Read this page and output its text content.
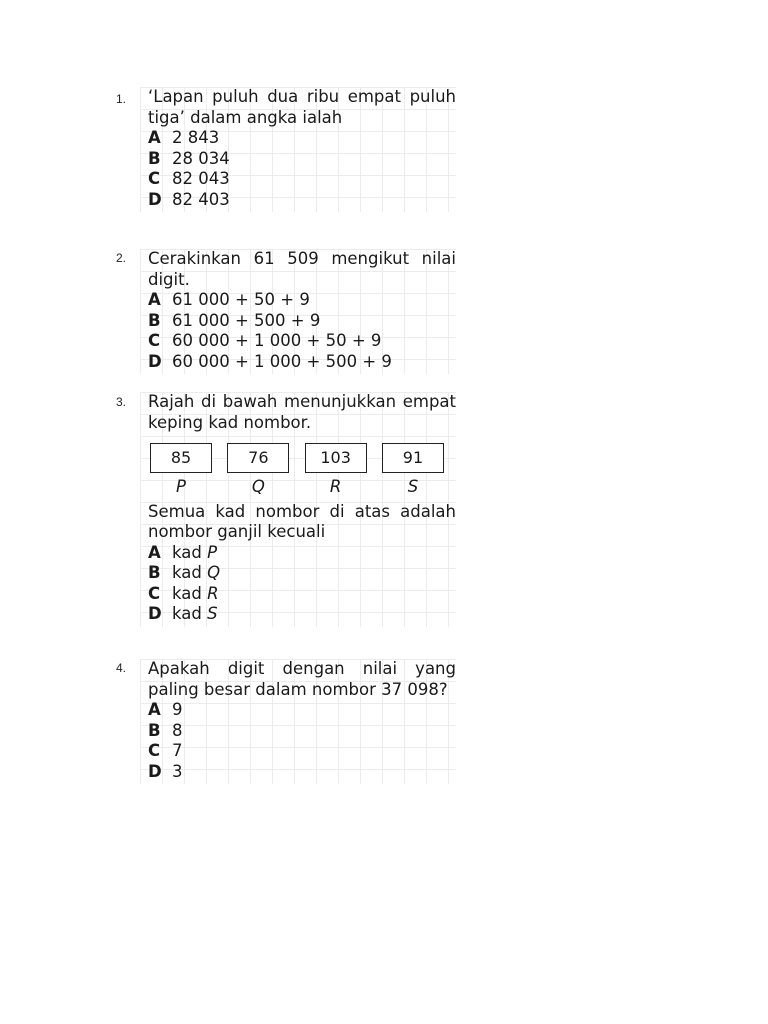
1. ‘Lapan puluh dua ribu empat puluh tiga’ dalam angka ialah

A 2 843
B 28 034
C 82 043
D 82 403
2. Cerakinkan 61 509 mengikut nilai digit.

A 61 000 + 50 + 9
B 61 000 + 500 + 9
C 60 000 + 1 000 + 50 + 9
D 60 000 + 1 000 + 500 + 9
3. Rajah di bawah menunjukkan empat keping kad nombor.

85	76	103	91
P	Q	R	S

Semua kad nombor di atas adalah nombor ganjil kecuali

A kad
P
B kad
Q
C kad
R
D kad
S
4. Apakah digit dengan nilai yang paling besar dalam nombor 37 098?

A 9
B 8
C 7
D 3
